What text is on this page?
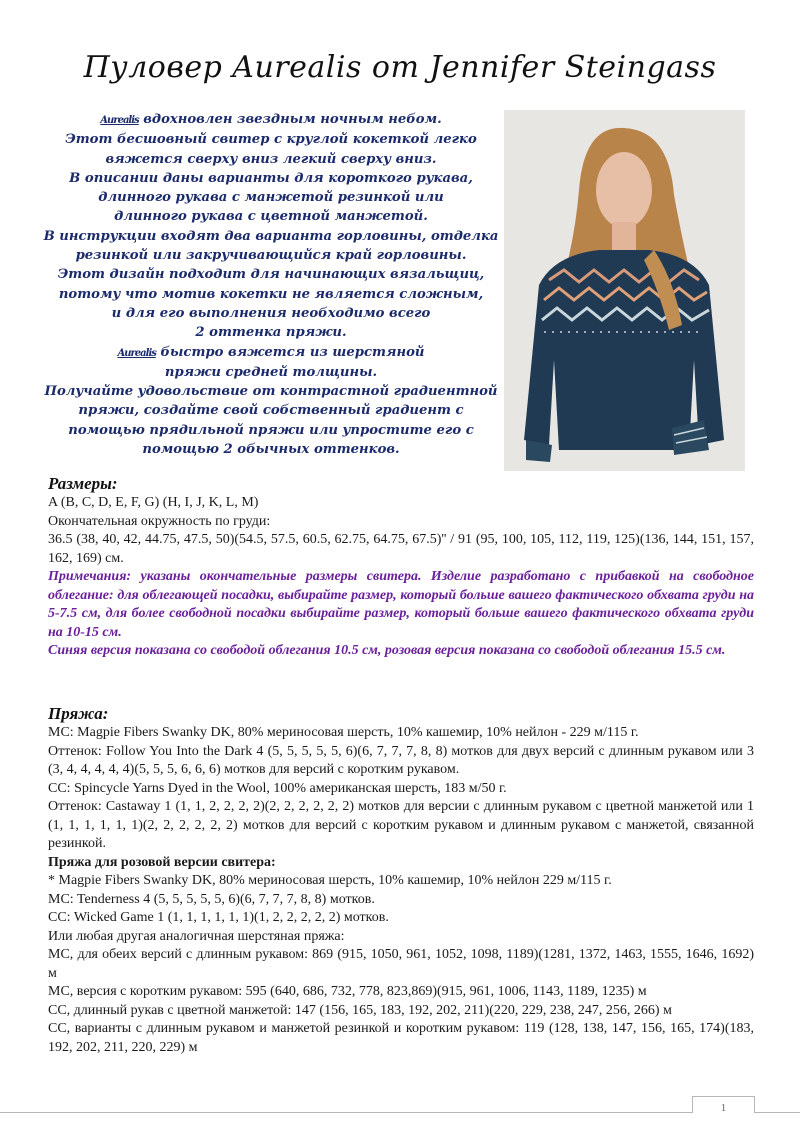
Пуловер Aurealis от Jennifer Steingass
Aurealis вдохновлен звездным ночным небом.
Этот бесшовный свитер с круглой кокеткой легко
вяжется сверху вниз легкий сверху вниз.
В описании даны варианты для короткого рукава,
длинного рукава с манжетой резинкой или
длинного рукава с цветной манжетой.
В инструкции входят два варианта горловины, отделка
резинкой или закручивающийся край горловины.
Этот дизайн подходит для начинающих вязальщиц,
потому что мотив кокетки не является сложным,
и для его выполнения необходимо всего
2 оттенка пряжи.
Aurealis быстро вяжется из шерстяной
пряжи средней толщины.
Получайте удовольствие от контрастной градиентной
пряжи, создайте свой собственный градиент с
помощью прядильной пряжи или упростите его с
помощью 2 обычных оттенков.
Размеры:

A (B, C, D, E, F, G) (H, I, J, K, L, M)

Окончательная окружность по груди:

36.5 (38, 40, 42, 44.75, 47.5, 50)(54.5, 57.5, 60.5, 62.75, 64.75, 67.5)'' / 91 (95, 100, 105, 112, 119, 125)(136, 144, 151, 157, 162, 169) см.

Примечания: указаны окончательные размеры свитера. Изделие разработано с прибавкой на свободное облегание: для облегающей посадки, выбирайте размер, который больше вашего фактического обхвата груди на 5-7.5 см, для более свободной посадки выбирайте размер, который больше вашего фактического обхвата груди на 10-15 см.

Синяя версия показана со свободой облегания 10.5 см, розовая версия показана со свободой облегания 15.5 см.

Пряжа:

MC: Magpie Fibers Swanky DK, 80% мериносовая шерсть, 10% кашемир, 10% нейлон - 229 м/115 г.

Оттенок: Follow You Into the Dark 4 (5, 5, 5, 5, 5, 6)(6, 7, 7, 7, 8, 8) мотков для двух версий с длинным рукавом или 3 (3, 4, 4, 4, 4, 4)(5, 5, 5, 6, 6, 6) мотков для версий с коротким рукавом.

CC: Spincycle Yarns Dyed in the Wool, 100% американская шерсть, 183 м/50 г.

Оттенок: Castaway 1 (1, 1, 2, 2, 2, 2)(2, 2, 2, 2, 2, 2) мотков для версии с длинным рукавом с цветной манжетой или 1 (1, 1, 1, 1, 1, 1)(2, 2, 2, 2, 2, 2) мотков для версий с коротким рукавом и длинным рукавом с манжетой, связанной резинкой.

Пряжа для розовой версии свитера:

* Magpie Fibers Swanky DK, 80% мериносовая шерсть, 10% кашемир, 10% нейлон 229 м/115 г.

MC: Tenderness 4 (5, 5, 5, 5, 5, 6)(6, 7, 7, 7, 8, 8) мотков.

CC: Wicked Game 1 (1, 1, 1, 1, 1, 1)(1, 2, 2, 2, 2, 2) мотков.

Или любая другая аналогичная шерстяная пряжа:

MC, для обеих версий с длинным рукавом: 869 (915, 1050, 961, 1052, 1098, 1189)(1281, 1372, 1463, 1555, 1646, 1692) м

MC, версия с коротким рукавом: 595 (640, 686, 732, 778, 823,869)(915, 961, 1006, 1143, 1189, 1235) м

CC, длинный рукав с цветной манжетой: 147 (156, 165, 183, 192, 202, 211)(220, 229, 238, 247, 256, 266) м

CC, варианты с длинным рукавом и манжетой резинкой и коротким рукавом: 119 (128, 138, 147, 156, 165, 174)(183, 192, 202, 211, 220, 229) м

1
